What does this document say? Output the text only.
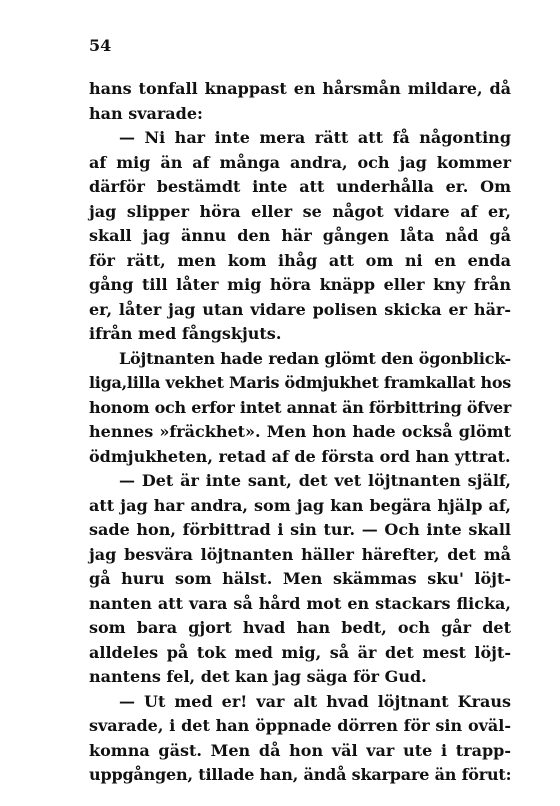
54
hans tonfall knappast en hårsmån mildare, då
han svarade:
— Ni har inte mera rätt att få någonting
af mig än af många andra, och jag kommer
därför bestämdt inte att underhålla er. Om
jag slipper höra eller se något vidare af er,
skall jag ännu den här gången låta nåd gå
för rätt, men kom ihåg att om ni en enda
gång till låter mig höra knäpp eller kny från
er, låter jag utan vidare polisen skicka er här-
ifrån med fångskjuts.
Löjtnanten hade redan glömt den ögonblick-
liga,lilla vekhet Maris ödmjukhet framkallat hos
honom och erfor intet annat än förbittring öfver
hennes »fräckhet». Men hon hade också glömt
ödmjukheten, retad af de första ord han yttrat.
— Det är inte sant, det vet löjtnanten själf,
att jag har andra, som jag kan begära hjälp af,
sade hon, förbittrad i sin tur. — Och inte skall
jag besvära löjtnanten häller härefter, det må
gå huru som hälst. Men skämmas sku' löjt-
nanten att vara så hård mot en stackars flicka,
som bara gjort hvad han bedt, och går det
alldeles på tok med mig, så är det mest löjt-
nantens fel, det kan jag säga för Gud.
— Ut med er! var alt hvad löjtnant Kraus
svarade, i det han öppnade dörren för sin oväl-
komna gäst. Men då hon väl var ute i trapp-
uppgången, tillade han, ändå skarpare än förut:
